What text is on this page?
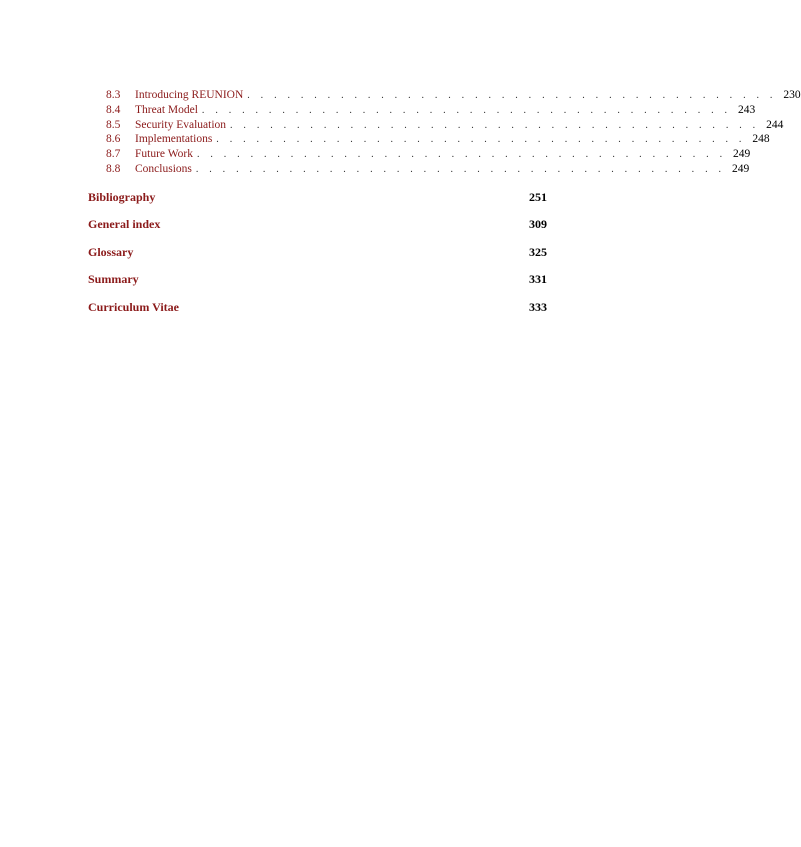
8.3	Introducing REUNION . . . . . . . . . . . . . . . . . . . . . . . . . . . . . . . . . . . . . . . . 230
8.4	Threat Model . . . . . . . . . . . . . . . . . . . . . . . . . . . . . . . . . . . . . . . . 243
8.5	Security Evaluation . . . . . . . . . . . . . . . . . . . . . . . . . . . . . . . . . . . . . . . . 244
8.6	Implementations . . . . . . . . . . . . . . . . . . . . . . . . . . . . . . . . . . . . . . . . 248
8.7	Future Work . . . . . . . . . . . . . . . . . . . . . . . . . . . . . . . . . . . . . . . . 249
8.8	Conclusions . . . . . . . . . . . . . . . . . . . . . . . . . . . . . . . . . . . . . . . . 249
Bibliography	251
General index	309
Glossary	325
Summary	331
Curriculum Vitae	333
